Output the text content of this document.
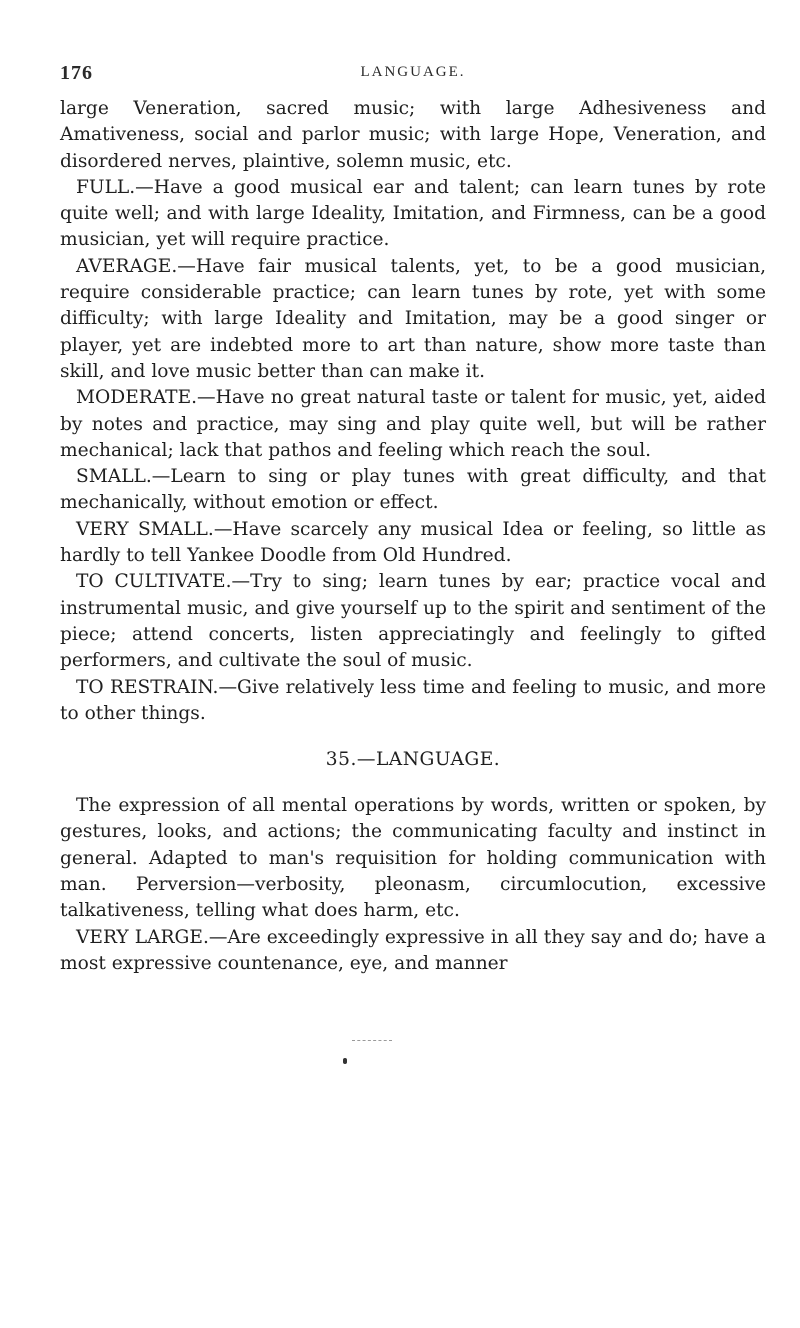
176	LANGUAGE.

large Veneration, sacred music; with large Adhesiveness and Amativeness, social and parlor music; with large Hope, Veneration, and disordered nerves, plaintive, solemn music, etc.

FULL.—Have a good musical ear and talent; can learn tunes by rote quite well; and with large Ideality, Imitation, and Firmness, can be a good musician, yet will require practice.

AVERAGE.—Have fair musical talents, yet, to be a good musician, require considerable practice; can learn tunes by rote, yet with some difficulty; with large Ideality and Imitation, may be a good singer or player, yet are indebted more to art than nature, show more taste than skill, and love music better than can make it.

MODERATE.—Have no great natural taste or talent for music, yet, aided by notes and practice, may sing and play quite well, but will be rather mechanical; lack that pathos and feeling which reach the soul.

SMALL.—Learn to sing or play tunes with great difficulty, and that mechanically, without emotion or effect.

VERY SMALL.—Have scarcely any musical Idea or feeling, so little as hardly to tell Yankee Doodle from Old Hundred.

TO CULTIVATE.—Try to sing; learn tunes by ear; practice vocal and instrumental music, and give yourself up to the spirit and sentiment of the piece; attend concerts, listen appreciatingly and feelingly to gifted performers, and cultivate the soul of music.

TO RESTRAIN.—Give relatively less time and feeling to music, and more to other things.

35.—LANGUAGE.

The expression of all mental operations by words, written or spoken, by gestures, looks, and actions; the communicating faculty and instinct in general. Adapted to man's requisition for holding communication with man. Perversion—verbosity, pleonasm, circumlocution, excessive talkativeness, telling what does harm, etc.

VERY LARGE.—Are exceedingly expressive in all they say and do; have a most expressive countenance, eye, and manner
